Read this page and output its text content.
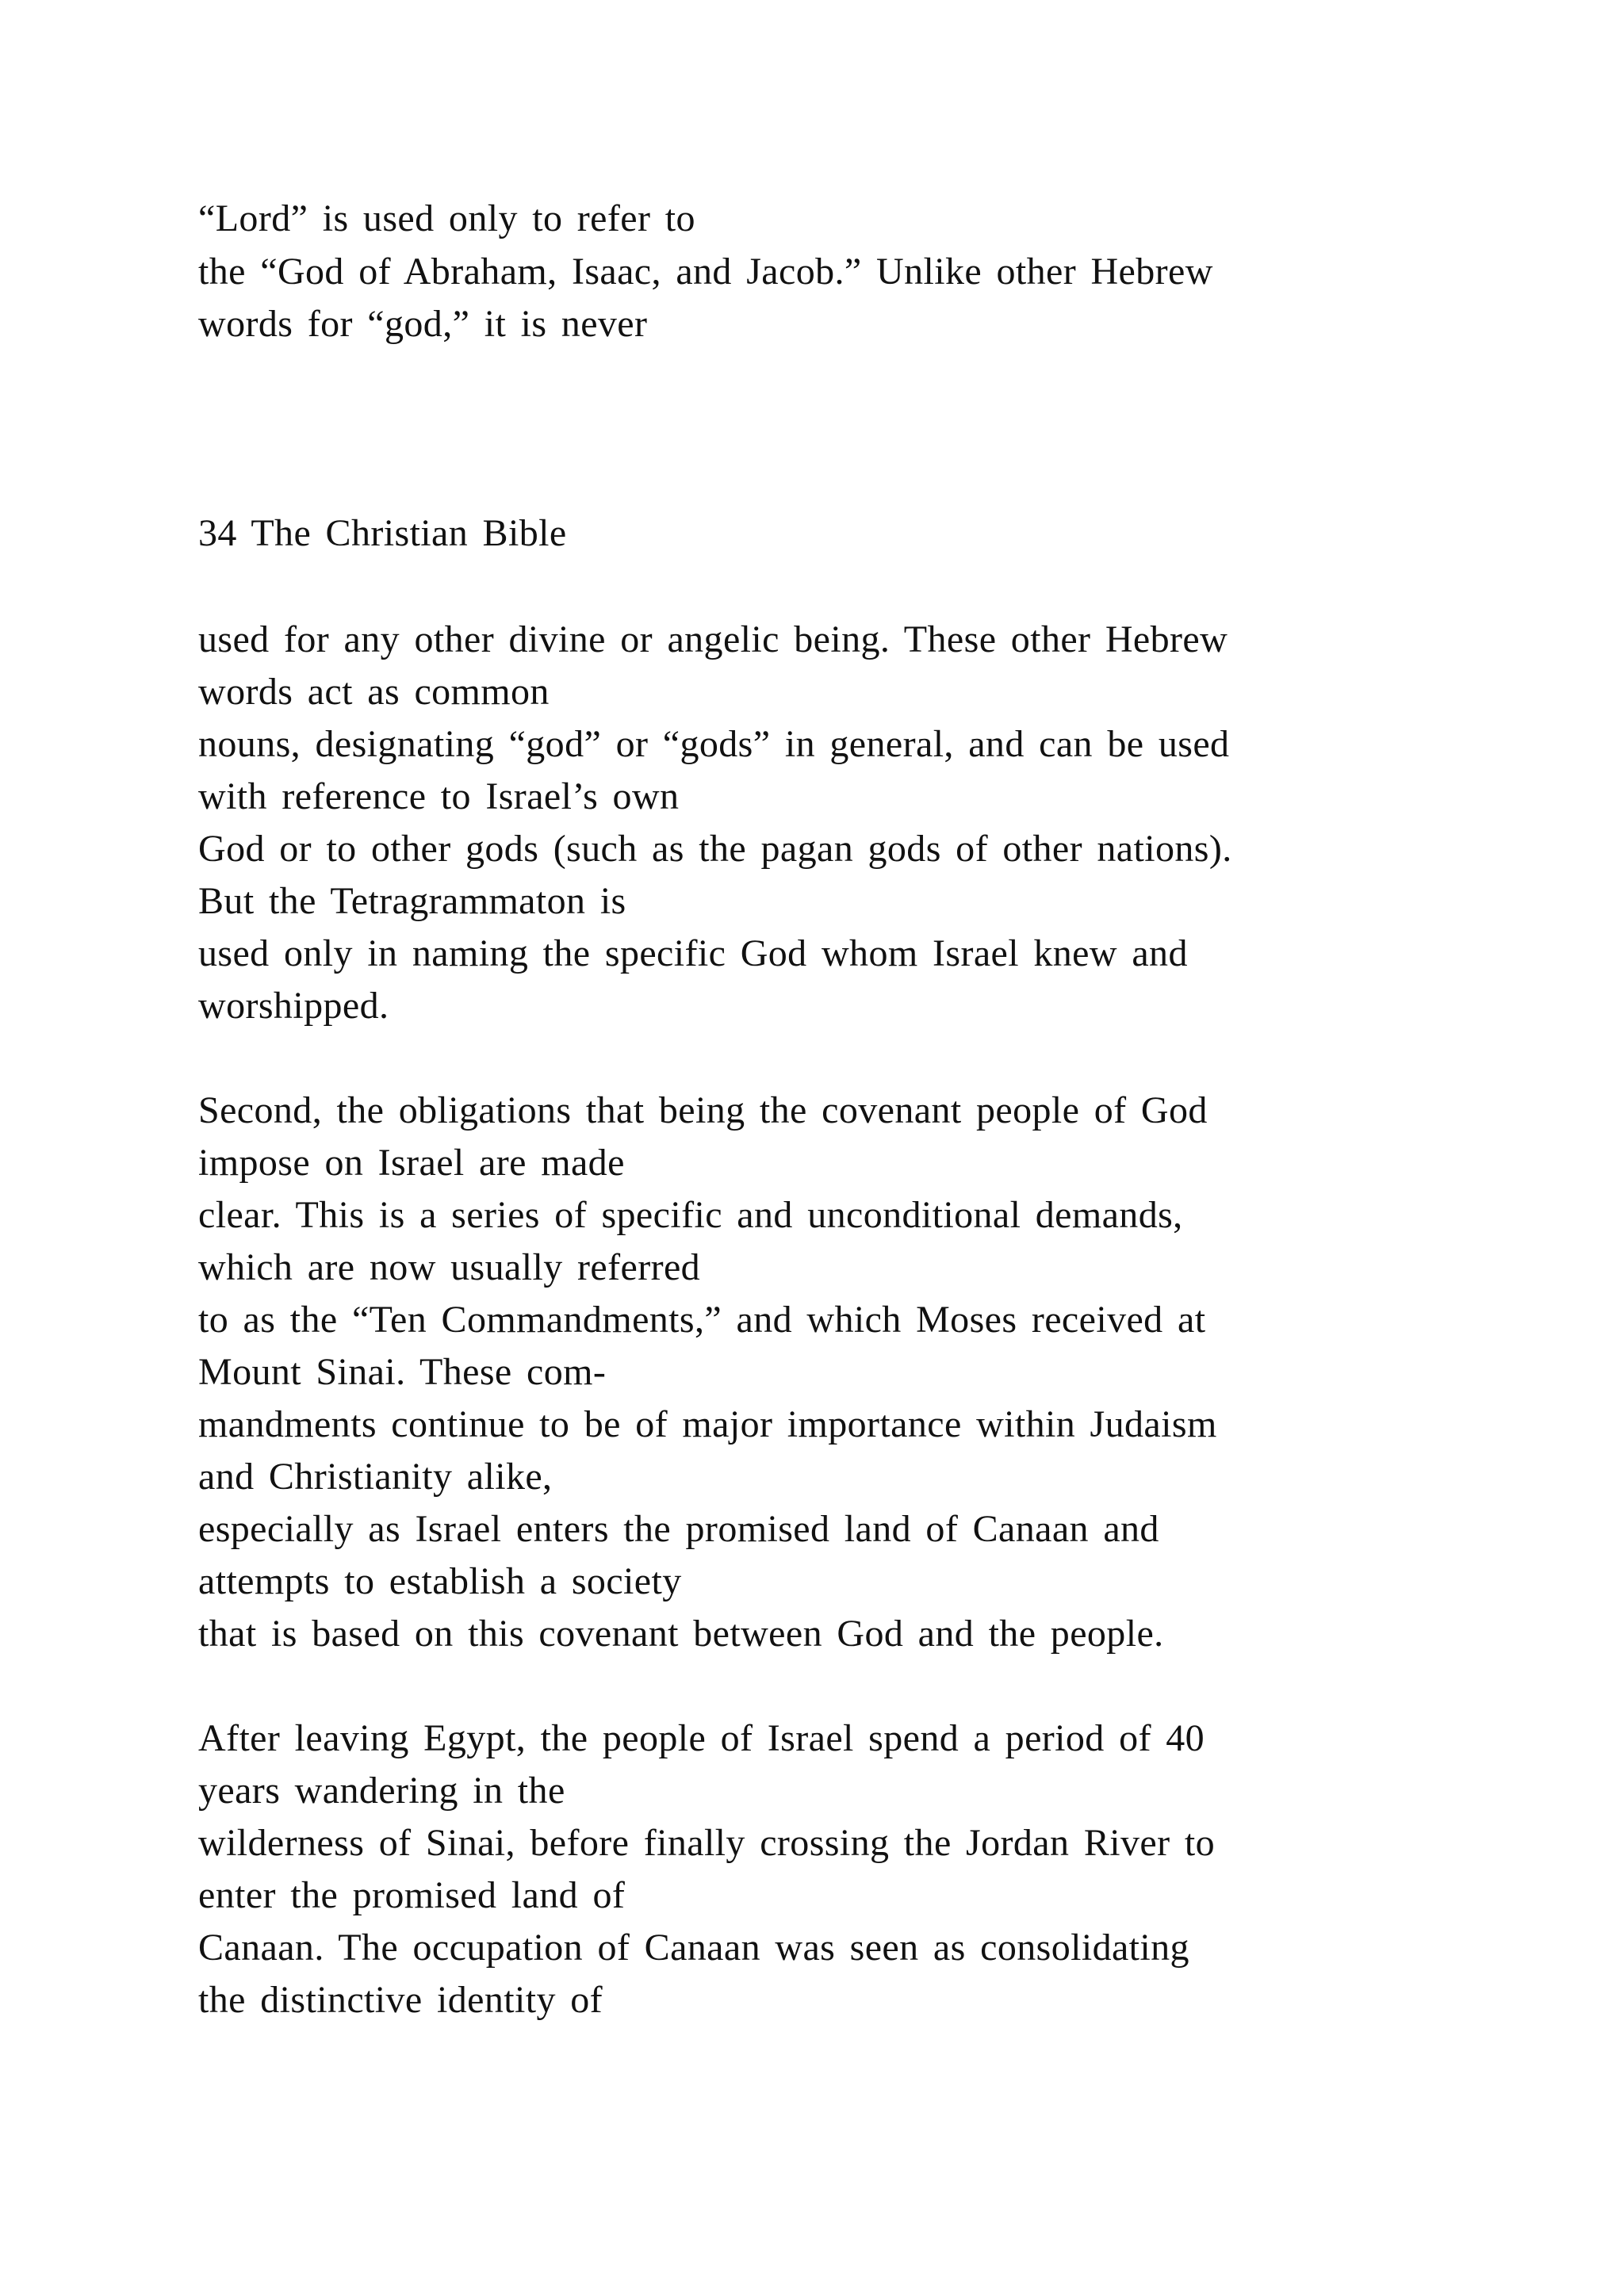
“Lord” is used only to refer to

the “God of Abraham, Isaac, and Jacob.” Unlike other Hebrew

words for “god,” it is never

34 The Christian Bible

used for any other divine or angelic being. These other Hebrew

words act as common

nouns, designating “god” or “gods” in general, and can be used

with reference to Israel’s own

God or to other gods (such as the pagan gods of other nations).

But the Tetragrammaton is

used only in naming the specific God whom Israel knew and

worshipped.

Second, the obligations that being the covenant people of God

impose on Israel are made

clear. This is a series of specific and unconditional demands,

which are now usually referred

to as the “Ten Commandments,” and which Moses received at

Mount Sinai. These com-

mandments continue to be of major importance within Judaism

and Christianity alike,

especially as Israel enters the promised land of Canaan and

attempts to establish a society

that is based on this covenant between God and the people.

After leaving Egypt, the people of Israel spend a period of 40

years wandering in the

wilderness of Sinai, before finally crossing the Jordan River to

enter the promised land of

Canaan. The occupation of Canaan was seen as consolidating

the distinctive identity of
